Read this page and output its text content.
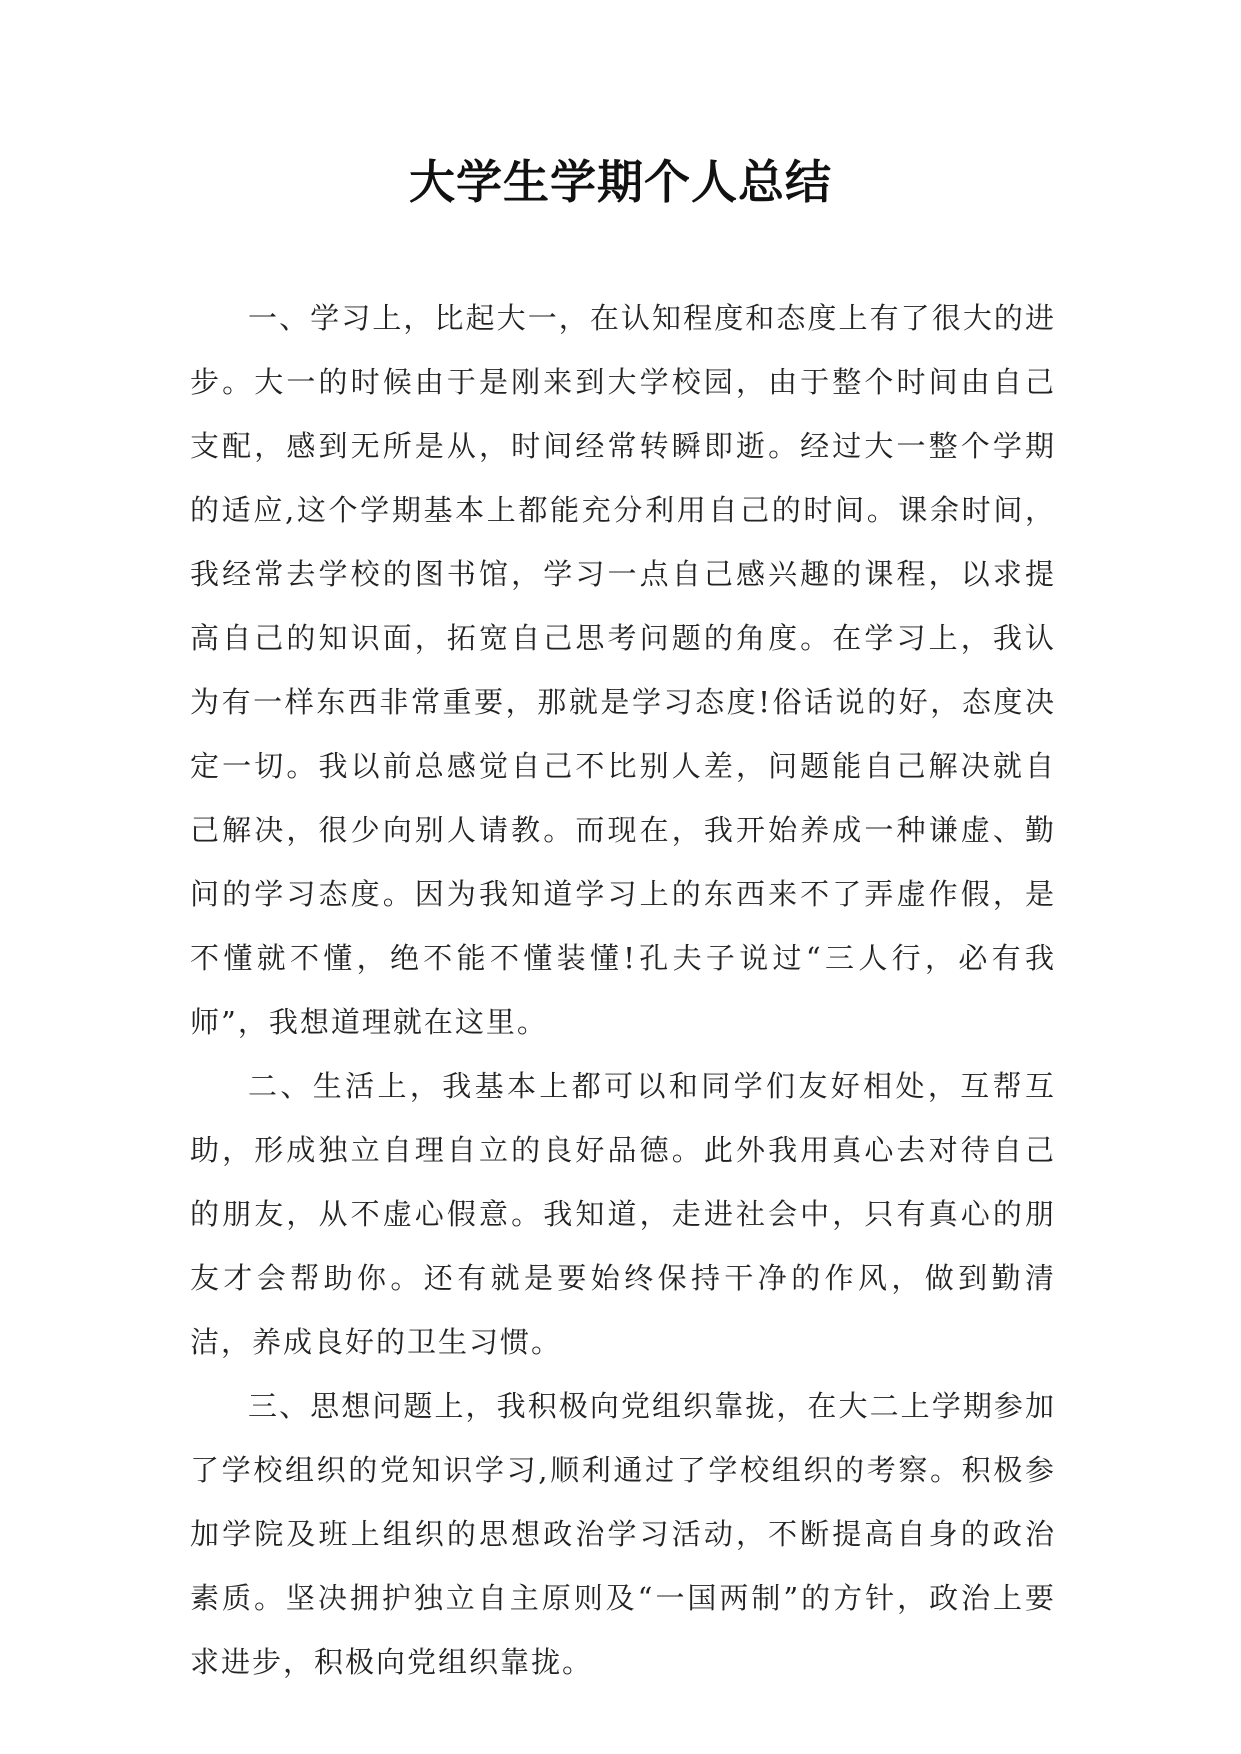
大学生学期个人总结

一、学习上，比起大一，在认知程度和态度上有了很大的进步。大一的时候由于是刚来到大学校园，由于整个时间由自己支配，感到无所是从，时间经常转瞬即逝。经过大一整个学期的适应,这个学期基本上都能充分利用自己的时间。课余时间，我经常去学校的图书馆，学习一点自己感兴趣的课程，以求提高自己的知识面，拓宽自己思考问题的角度。在学习上，我认为有一样东西非常重要，那就是学习态度!俗话说的好，态度决定一切。我以前总感觉自己不比别人差，问题能自己解决就自己解决，很少向别人请教。而现在，我开始养成一种谦虚、勤问的学习态度。因为我知道学习上的东西来不了弄虚作假，是不懂就不懂，绝不能不懂装懂!孔夫子说过“三人行，必有我师”，我想道理就在这里。

二、生活上，我基本上都可以和同学们友好相处，互帮互助，形成独立自理自立的良好品德。此外我用真心去对待自己的朋友，从不虚心假意。我知道，走进社会中，只有真心的朋友才会帮助你。还有就是要始终保持干净的作风，做到勤清洁，养成良好的卫生习惯。

三、思想问题上，我积极向党组织靠拢，在大二上学期参加了学校组织的党知识学习,顺利通过了学校组织的考察。积极参加学院及班上组织的思想政治学习活动，不断提高自身的政治素质。坚决拥护独立自主原则及“一国两制”的方针，政治上要求进步，积极向党组织靠拢。
